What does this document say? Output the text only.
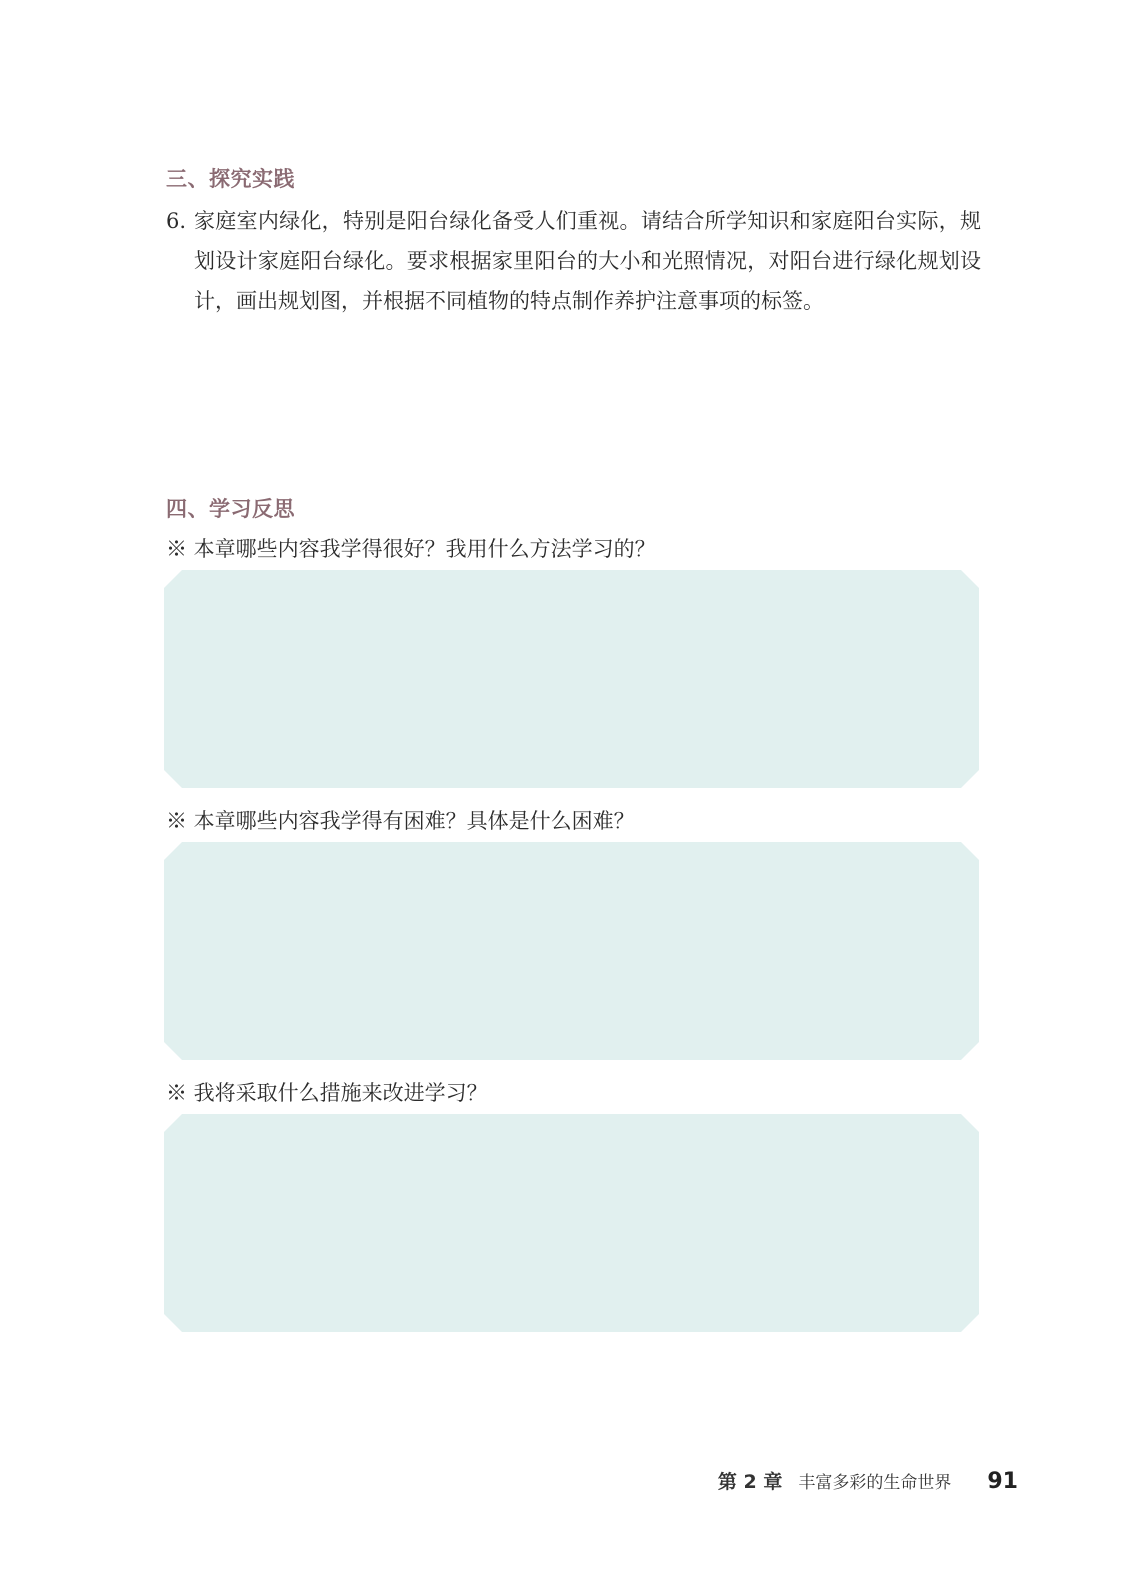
三、探究实践
6. 家庭室内绿化，特别是阳台绿化备受人们重视。请结合所学知识和家庭阳台实际，规划设计家庭阳台绿化。要求根据家里阳台的大小和光照情况，对阳台进行绿化规划设计，画出规划图，并根据不同植物的特点制作养护注意事项的标签。
四、学习反思

※ 本章哪些内容我学得很好？我用什么方法学习的？

※ 本章哪些内容我学得有困难？具体是什么困难？

※ 我将采取什么措施来改进学习？

第 2 章 丰富多彩的生命世界 91
